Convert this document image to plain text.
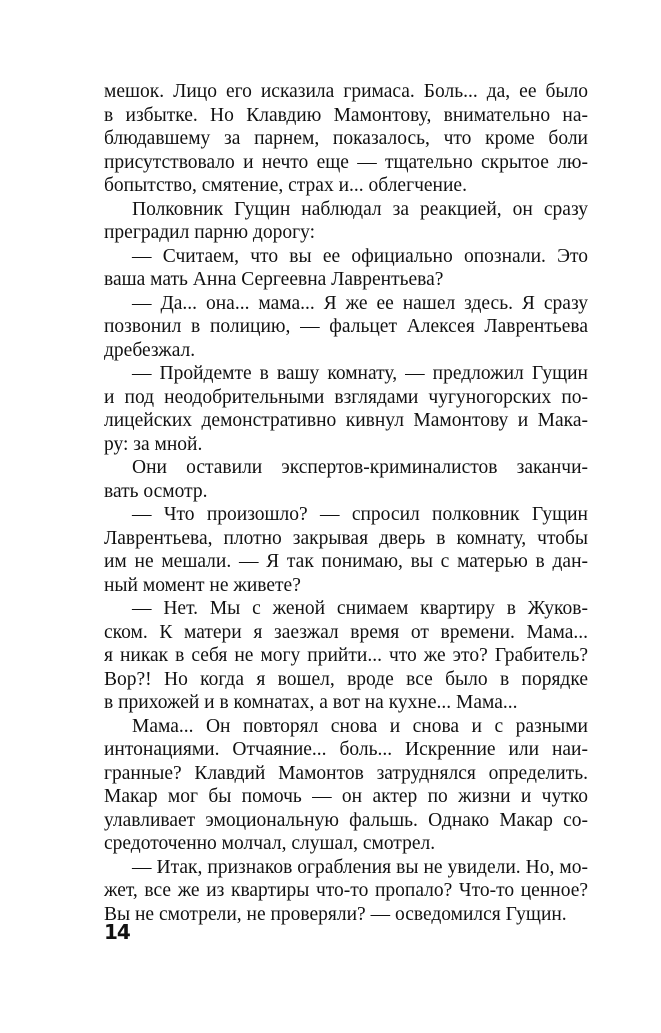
мешок. Лицо его исказила гримаса. Боль... да, ее было
в избытке. Но Клавдию Мамонтову, внимательно на-
блюдавшему за парнем, показалось, что кроме боли
присутствовало и нечто еще — тщательно скрытое лю-
бопытство, смятение, страх и... облегчение.
Полковник Гущин наблюдал за реакцией, он сразу
преградил парню дорогу:
— Считаем, что вы ее официально опознали. Это
ваша мать Анна Сергеевна Лаврентьева?
— Да... она... мама... Я же ее нашел здесь. Я сразу
позвонил в полицию, — фальцет Алексея Лаврентьева
дребезжал.
— Пройдемте в вашу комнату, — предложил Гущин
и под неодобрительными взглядами чугуногорских по-
лицейских демонстративно кивнул Мамонтову и Мака-
ру: за мной.
Они оставили экспертов-криминалистов заканчи-
вать осмотр.
— Что произошло? — спросил полковник Гущин
Лаврентьева, плотно закрывая дверь в комнату, чтобы
им не мешали. — Я так понимаю, вы с матерью в дан-
ный момент не живете?
— Нет. Мы с женой снимаем квартиру в Жуков-
ском. К матери я заезжал время от времени. Мама...
я никак в себя не могу прийти... что же это? Грабитель?
Вор?! Но когда я вошел, вроде все было в порядке
в прихожей и в комнатах, а вот на кухне... Мама...
Мама... Он повторял снова и снова и с разными
интонациями. Отчаяние... боль... Искренние или наи-
гранные? Клавдий Мамонтов затруднялся определить.
Макар мог бы помочь — он актер по жизни и чутко
улавливает эмоциональную фальшь. Однако Макар со-
средоточенно молчал, слушал, смотрел.
— Итак, признаков ограбления вы не увидели. Но, мо-
жет, все же из квартиры что-то пропало? Что-то ценное?
Вы не смотрели, не проверяли? — осведомился Гущин.
14
